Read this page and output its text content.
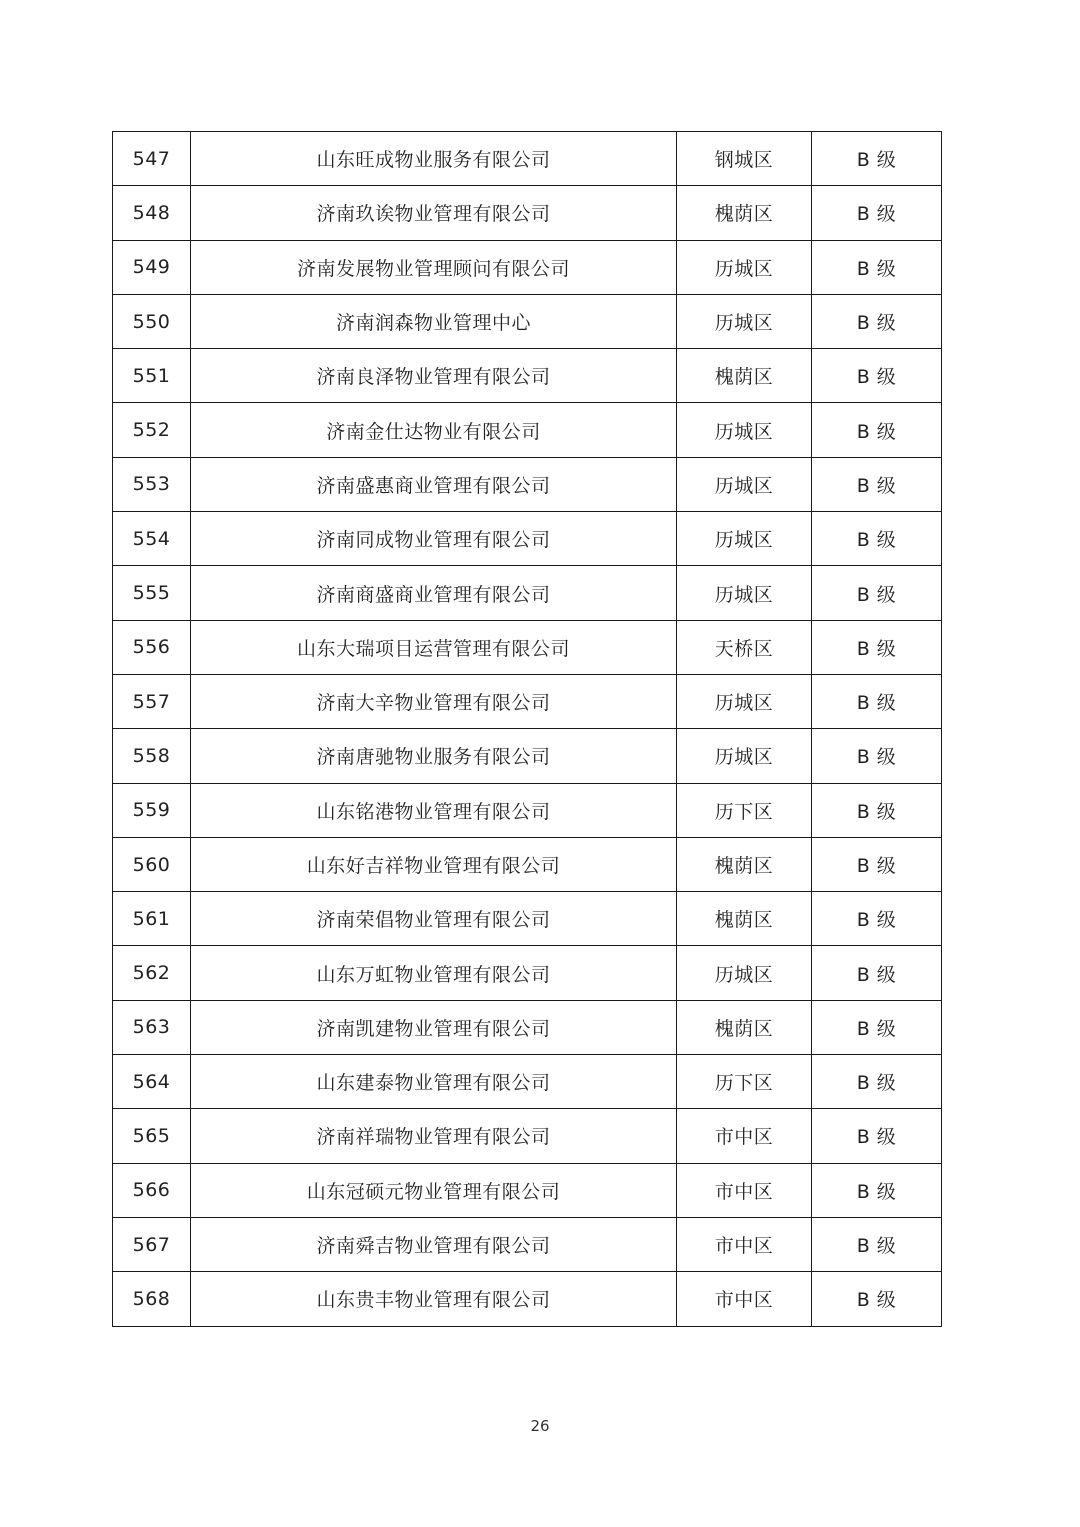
547	山东旺成物业服务有限公司	钢城区	B 级
548	济南玖诶物业管理有限公司	槐荫区	B 级
549	济南发展物业管理顾问有限公司	历城区	B 级
550	济南润森物业管理中心	历城区	B 级
551	济南良泽物业管理有限公司	槐荫区	B 级
552	济南金仕达物业有限公司	历城区	B 级
553	济南盛惠商业管理有限公司	历城区	B 级
554	济南同成物业管理有限公司	历城区	B 级
555	济南商盛商业管理有限公司	历城区	B 级
556	山东大瑞项目运营管理有限公司	天桥区	B 级
557	济南大辛物业管理有限公司	历城区	B 级
558	济南唐驰物业服务有限公司	历城区	B 级
559	山东铭港物业管理有限公司	历下区	B 级
560	山东好吉祥物业管理有限公司	槐荫区	B 级
561	济南荣倡物业管理有限公司	槐荫区	B 级
562	山东万虹物业管理有限公司	历城区	B 级
563	济南凯建物业管理有限公司	槐荫区	B 级
564	山东建泰物业管理有限公司	历下区	B 级
565	济南祥瑞物业管理有限公司	市中区	B 级
566	山东冠硕元物业管理有限公司	市中区	B 级
567	济南舜吉物业管理有限公司	市中区	B 级
568	山东贵丰物业管理有限公司	市中区	B 级
26
